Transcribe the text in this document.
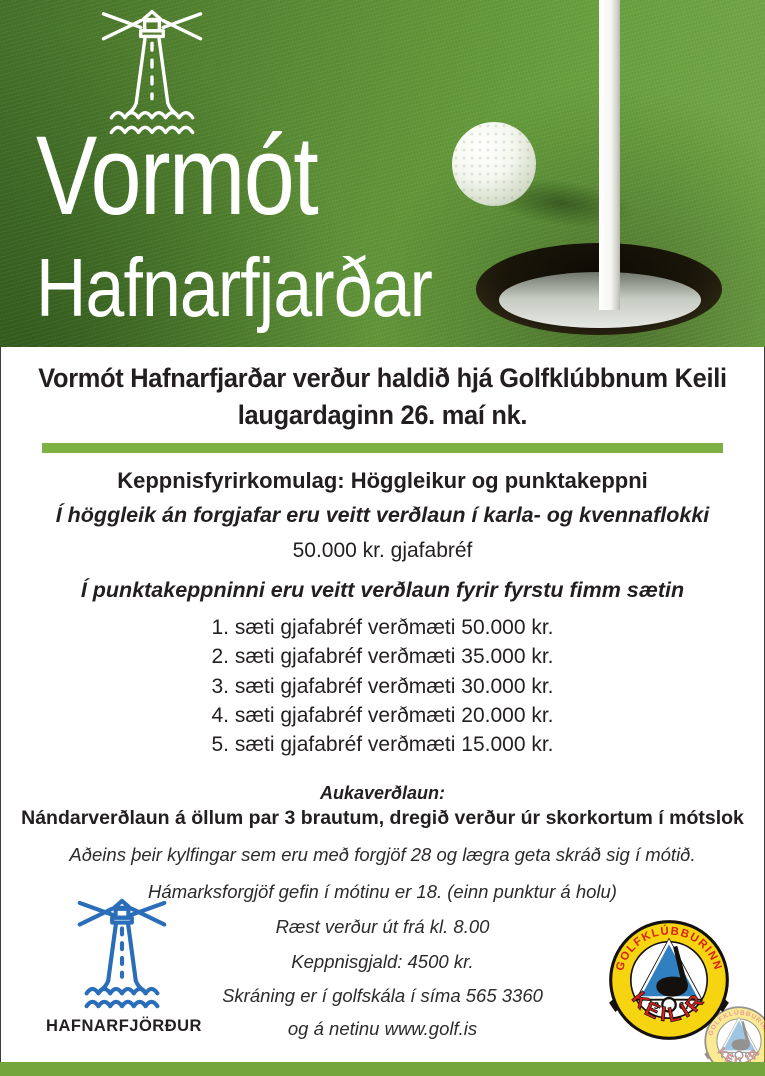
Vormót
Hafnarfjarðar
Vormót Hafnarfjarðar verður haldið hjá Golfklúbbnum Keili
laugardaginn 26. maí nk.
Keppnisfyrirkomulag: Höggleikur og punktakeppni
Í höggleik án forgjafar eru veitt verðlaun í karla- og kvennaflokki
50.000 kr. gjafabréf
Í punktakeppninni eru veitt verðlaun fyrir fyrstu fimm sætin
1. sæti gjafabréf verðmæti 50.000 kr.
2. sæti gjafabréf verðmæti 35.000 kr.
3. sæti gjafabréf verðmæti 30.000 kr.
4. sæti gjafabréf verðmæti 20.000 kr.
5. sæti gjafabréf verðmæti 15.000 kr.
Aukaverðlaun:
Nándarverðlaun á öllum par 3 brautum, dregið verður úr skorkortum í mótslok
Aðeins þeir kylfingar sem eru með forgjöf 28 og lægra geta skráð sig í mótið.
Hámarksforgjöf gefin í mótinu er 18. (einn punktur á holu)
Ræst verður út frá kl. 8.00
Keppnisgjald: 4500 kr.
Skráning er í golfskála í síma 565 3360
og á netinu www.golf.is
HAFNARFJÖRÐUR
